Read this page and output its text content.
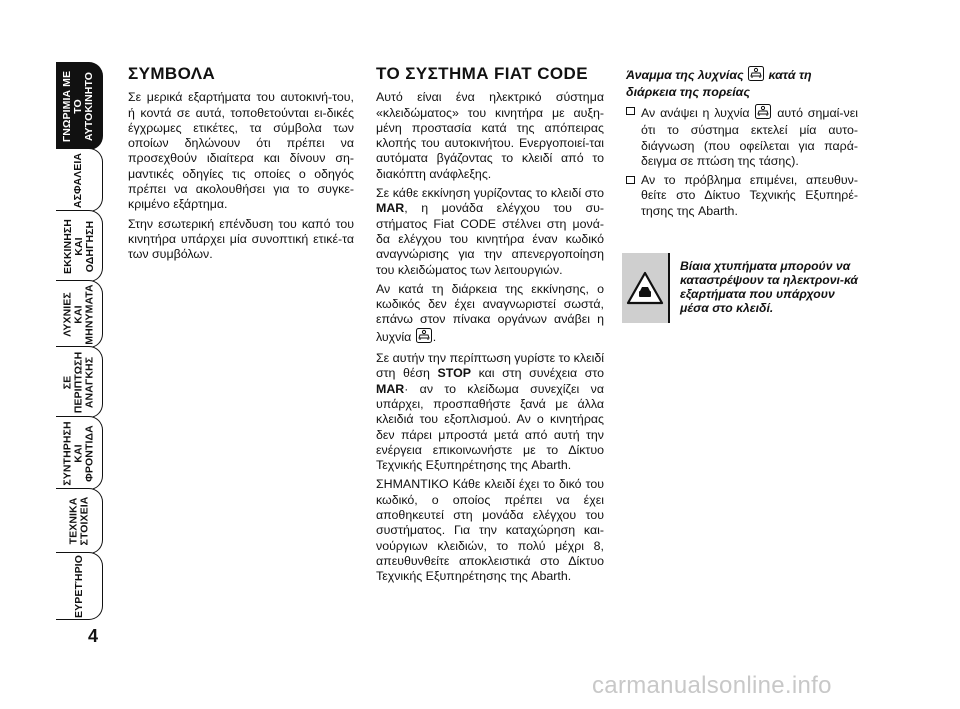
ΓΝΩΡΙΜΙΑ ΜΕ
ΤΟ
ΑΥΤΟΚΙΝΗΤΟ
ΑΣΦΑΛΕΙΑ
ΕΚΚΙΝΗΣΗ
ΚΑΙ
ΟΔΗΓΗΣΗ
ΛΥΧΝΙΕΣ
ΚΑΙ
ΜΗΝΥΜΑΤΑ
ΣΕ
ΠΕΡΙΠΤΩΣΗ
ΑΝΑΓΚΗΣ
ΣΥΝΤΗΡΗΣΗ
ΚΑΙ
ΦΡΟΝΤΙΔΑ
ΤΕΧΝΙΚΑ
ΣΤΟΙΧΕΙΑ
ΕΥΡΕΤΉΡΙΟ
4
ΣΥΜΒΟΛΑ

Σε μερικά εξαρτήματα του αυτοκινή-του, ή κοντά σε αυτά, τοποθετούνται ει-δικές έγχρωμες ετικέτες, τα σύμβολα των οποίων δηλώνουν ότι πρέπει να προσεχθούν ιδιαίτερα και δίνουν ση-μαντικές οδηγίες τις οποίες ο οδηγός πρέπει να ακολουθήσει για το συγκε-κριμένο εξάρτημα.

Στην εσωτερική επένδυση του καπό του κινητήρα υπάρχει μία συνοπτική ετικέ-τα των συμβόλων.

ΤΟ ΣΥΣΤΗΜΑ FIAT CODE

Αυτό είναι ένα ηλεκτρικό σύστημα «κλειδώματος» του κινητήρα με αυξη-μένη προστασία κατά της απόπειρας κλοπής του αυτοκινήτου. Ενεργοποιεί-ται αυτόματα βγάζοντας το κλειδί από το διακόπτη ανάφλεξης.

Σε κάθε εκκίνηση γυρίζοντας το κλειδί στο MAR, η μονάδα ελέγχου του συ-στήματος Fiat CODE στέλνει στη μονά-δα ελέγχου του κινητήρα έναν κωδικό αναγνώρισης για την απενεργοποίηση του κλειδώματος των λειτουργιών.

Αν κατά τη διάρκεια της εκκίνησης, ο κωδικός δεν έχει αναγνωριστεί σωστά, επάνω στον πίνακα οργάνων ανάβει η λυχνία .

Σε αυτήν την περίπτωση γυρίστε το κλειδί στη θέση STOP και στη συνέχεια στο MAR· αν το κλείδωμα συνεχίζει να υπάρχει, προσπαθήστε ξανά με άλλα κλειδιά του εξοπλισμού. Αν ο κινητήρας δεν πάρει μπροστά μετά από αυτή την ενέργεια επικοινωνήστε με το Δίκτυο Τεχνικής Εξυπηρέτησης της Abarth.

ΣΗΜΑΝΤΙΚΟ Κάθε κλειδί έχει το δικό του κωδικό, ο οποίος πρέπει να έχει αποθηκευτεί στη μονάδα ελέγχου του συστήματος. Για την καταχώρηση και-νούργιων κλειδιών, το πολύ μέχρι 8, απευθυνθείτε αποκλειστικά στο Δίκτυο Τεχνικής Εξυπηρέτησης της Abarth.

Άναμμα της λυχνίας  κατά τη διάρκεια της πορείας
Αν ανάψει η λυχνία  αυτό σημαί-νει ότι το σύστημα εκτελεί μία αυτο-διάγνωση (που οφείλεται για παρά-δειγμα σε πτώση της τάσης).
Αν το πρόβλημα επιμένει, απευθυν-θείτε στο Δίκτυο Τεχνικής Εξυπηρέ-τησης της Abarth.
Βίαια χτυπήματα μπορούν να καταστρέψουν τα ηλεκτρονι-κά εξαρτήματα που υπάρχουν μέσα στο κλειδί.
carmanualsonline.info
